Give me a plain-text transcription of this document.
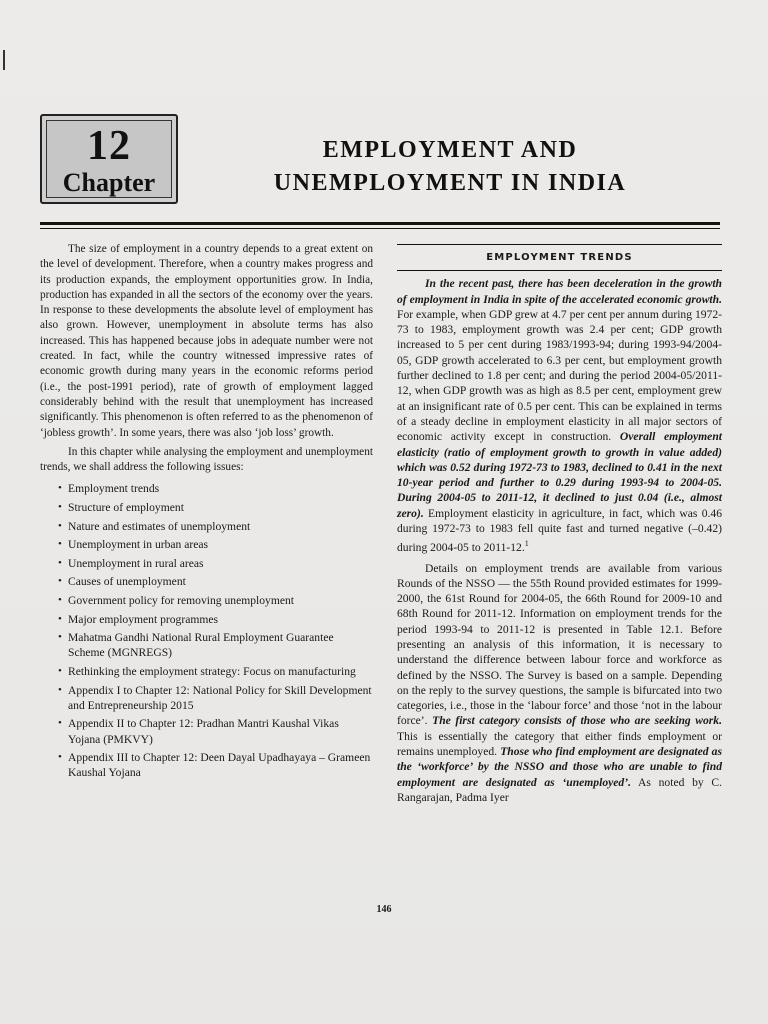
12
Chapter
EMPLOYMENT AND
UNEMPLOYMENT IN INDIA

The size of employment in a country depends to a great extent on the level of development. Therefore, when a country makes progress and its production expands, the employment opportunities grow. In India, production has expanded in all the sectors of the economy over the years. In response to these developments the absolute level of employment has also grown. However, unemployment in absolute terms has also increased. This has happened because jobs in adequate number were not created. In fact, while the country witnessed impressive rates of economic growth during many years in the economic reforms period (i.e., the post-1991 period), rate of growth of employment lagged considerably behind with the result that unemployment has increased significantly. This phenomenon is often referred to as the phenomenon of ‘jobless growth’. In some years, there was also ‘job loss’ growth.

In this chapter while analysing the employment and unemployment trends, we shall address the following issues:

• Employment trends
• Structure of employment
• Nature and estimates of unemployment
• Unemployment in urban areas
• Unemployment in rural areas
• Causes of unemployment
• Government policy for removing unemployment
• Major employment programmes
• Mahatma Gandhi National Rural Employment Guarantee Scheme (MGNREGS)
• Rethinking the employment strategy: Focus on manufacturing
• Appendix I to Chapter 12: National Policy for Skill Development and Entrepreneurship 2015
• Appendix II to Chapter 12: Pradhan Mantri Kaushal Vikas Yojana (PMKVY)
• Appendix III to Chapter 12: Deen Dayal Upadhayaya – Grameen Kaushal Yojana
EMPLOYMENT TRENDS

In the recent past, there has been deceleration in the growth of employment in India in spite of the accelerated economic growth. For example, when GDP grew at 4.7 per cent per annum during 1972-73 to 1983, employment growth was 2.4 per cent; GDP growth increased to 5 per cent during 1983/1993-94; during 1993-94/2004-05, GDP growth accelerated to 6.3 per cent, but employment growth further declined to 1.8 per cent; and during the period 2004-05/2011-12, when GDP growth was as high as 8.5 per cent, employment grew at an insignificant rate of 0.5 per cent. This can be explained in terms of a steady decline in employment elasticity in all major sectors of economic activity except in construction. Overall employment elasticity (ratio of employment growth to growth in value added) which was 0.52 during 1972-73 to 1983, declined to 0.41 in the next 10-year period and further to 0.29 during 1993-94 to 2004-05. During 2004-05 to 2011-12, it declined to just 0.04 (i.e., almost zero). Employment elasticity in agriculture, in fact, which was 0.46 during 1972-73 to 1983 fell quite fast and turned negative (–0.42) during 2004-05 to 2011-12.$^1$

Details on employment trends are available from various Rounds of the NSSO — the 55th Round provided estimates for 1999-2000, the 61st Round for 2004-05, the 66th Round for 2009-10 and 68th Round for 2011-12. Information on employment trends for the period 1993-94 to 2011-12 is presented in Table 12.1. Before presenting an analysis of this information, it is necessary to understand the difference between labour force and workforce as defined by the NSSO. The Survey is based on a sample. Depending on the reply to the survey questions, the sample is bifurcated into two categories, i.e., those in the ‘labour force’ and those ‘not in the labour force’. The first category consists of those who are seeking work. This is essentially the category that either finds employment or remains unemployed. Those who find employment are designated as the ‘workforce’ by the NSSO and those who are unable to find employment are designated as ‘unemployed’. As noted by C. Rangarajan, Padma Iyer

146
